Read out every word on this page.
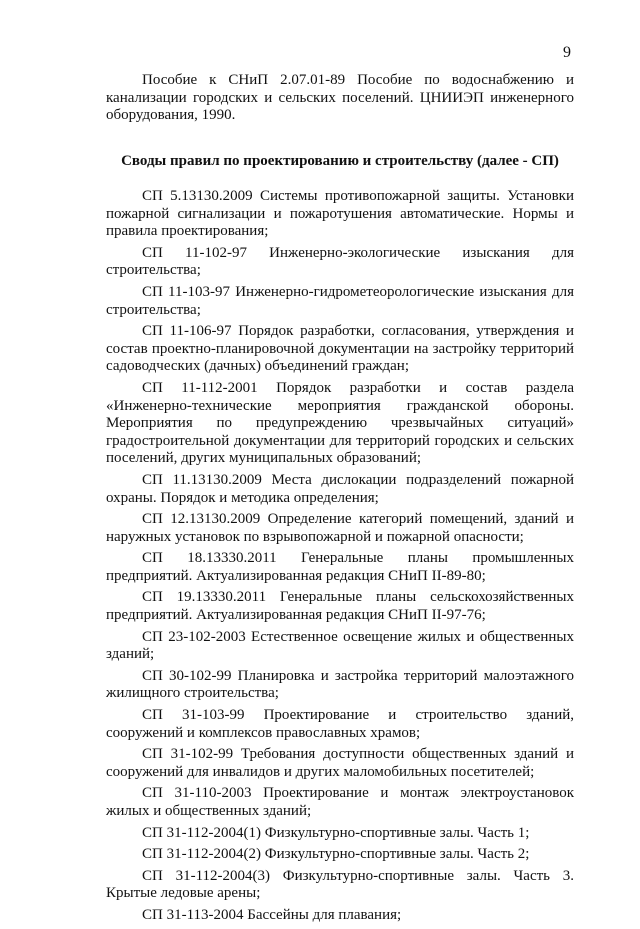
9

Пособие к СНиП 2.07.01-89 Пособие по водоснабжению и канализации городских и сельских поселений. ЦНИИЭП инженерного оборудования, 1990.

Своды правил по проектированию и строительству (далее - СП)

СП 5.13130.2009 Системы противопожарной защиты. Установки пожарной сигнализации и пожаротушения автоматические. Нормы и правила проектирования;

СП 11-102-97 Инженерно-экологические изыскания для строительства;

СП 11-103-97 Инженерно-гидрометеорологические изыскания для строительства;

СП 11-106-97 Порядок разработки, согласования, утверждения и состав проектно-планировочной документации на застройку территорий садоводческих (дачных) объединений граждан;

СП 11-112-2001 Порядок разработки и состав раздела «Инженерно-технические мероприятия гражданской обороны. Мероприятия по предупреждению чрезвычайных ситуаций» градостроительной документации для территорий городских и сельских поселений, других муниципальных образований;

СП 11.13130.2009 Места дислокации подразделений пожарной охраны. Порядок и методика определения;

СП 12.13130.2009 Определение категорий помещений, зданий и наружных установок по взрывопожарной и пожарной опасности;

СП 18.13330.2011 Генеральные планы промышленных предприятий. Актуализированная редакция СНиП II-89-80;

СП 19.13330.2011 Генеральные планы сельскохозяйственных предприятий. Актуализированная редакция СНиП II-97-76;

СП 23-102-2003 Естественное освещение жилых и общественных зданий;

СП 30-102-99 Планировка и застройка территорий малоэтажного жилищного строительства;

СП 31-103-99 Проектирование и строительство зданий, сооружений и комплексов православных храмов;

СП 31-102-99 Требования доступности общественных зданий и сооружений для инвалидов и других маломобильных посетителей;

СП 31-110-2003 Проектирование и монтаж электроустановок жилых и общественных зданий;

СП 31-112-2004(1) Физкультурно-спортивные залы. Часть 1;

СП 31-112-2004(2) Физкультурно-спортивные залы. Часть 2;

СП 31-112-2004(3) Физкультурно-спортивные залы. Часть 3. Крытые ледовые арены;

СП 31-113-2004 Бассейны для плавания;
